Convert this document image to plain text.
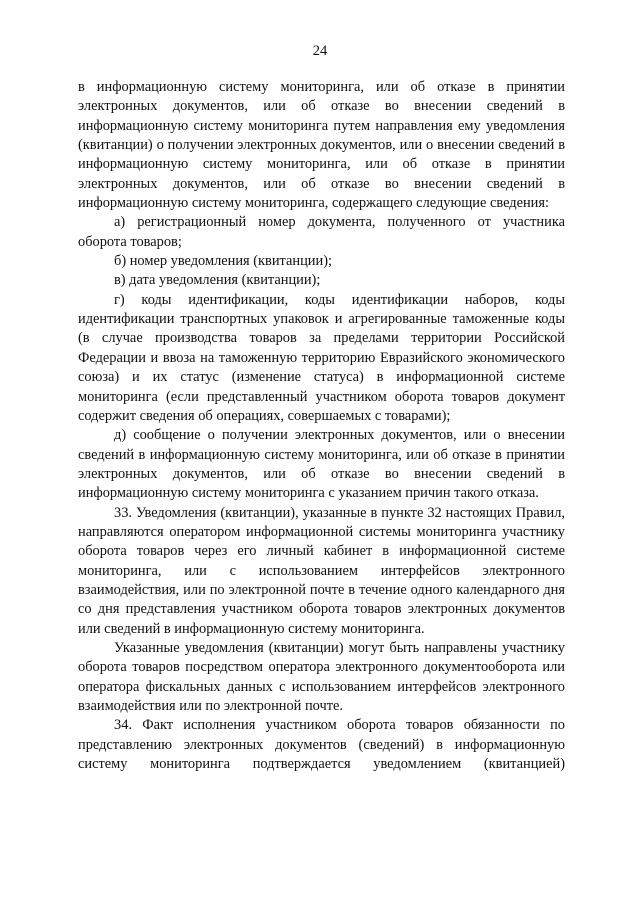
24

в информационную систему мониторинга, или об отказе в принятии электронных документов, или об отказе во внесении сведений в информационную систему мониторинга путем направления ему уведомления (квитанции) о получении электронных документов, или о внесении сведений в информационную систему мониторинга, или об отказе в принятии электронных документов, или об отказе во внесении сведений в информационную систему мониторинга, содержащего следующие сведения:

а) регистрационный номер документа, полученного от участника оборота товаров;

б) номер уведомления (квитанции);

в) дата уведомления (квитанции);

г) коды идентификации, коды идентификации наборов, коды идентификации транспортных упаковок и агрегированные таможенные коды (в случае производства товаров за пределами территории Российской Федерации и ввоза на таможенную территорию Евразийского экономического союза) и их статус (изменение статуса) в информационной системе мониторинга (если представленный участником оборота товаров документ содержит сведения об операциях, совершаемых с товарами);

д) сообщение о получении электронных документов, или о внесении сведений в информационную систему мониторинга, или об отказе в принятии электронных документов, или об отказе во внесении сведений в информационную систему мониторинга с указанием причин такого отказа.

33. Уведомления (квитанции), указанные в пункте 32 настоящих Правил, направляются оператором информационной системы мониторинга участнику оборота товаров через его личный кабинет в информационной системе мониторинга, или с использованием интерфейсов электронного взаимодействия, или по электронной почте в течение одного календарного дня со дня представления участником оборота товаров электронных документов или сведений в информационную систему мониторинга.

Указанные уведомления (квитанции) могут быть направлены участнику оборота товаров посредством оператора электронного документооборота или оператора фискальных данных с использованием интерфейсов электронного взаимодействия или по электронной почте.

34. Факт исполнения участником оборота товаров обязанности по представлению электронных документов (сведений) в информационную систему мониторинга подтверждается уведомлением (квитанцией)
